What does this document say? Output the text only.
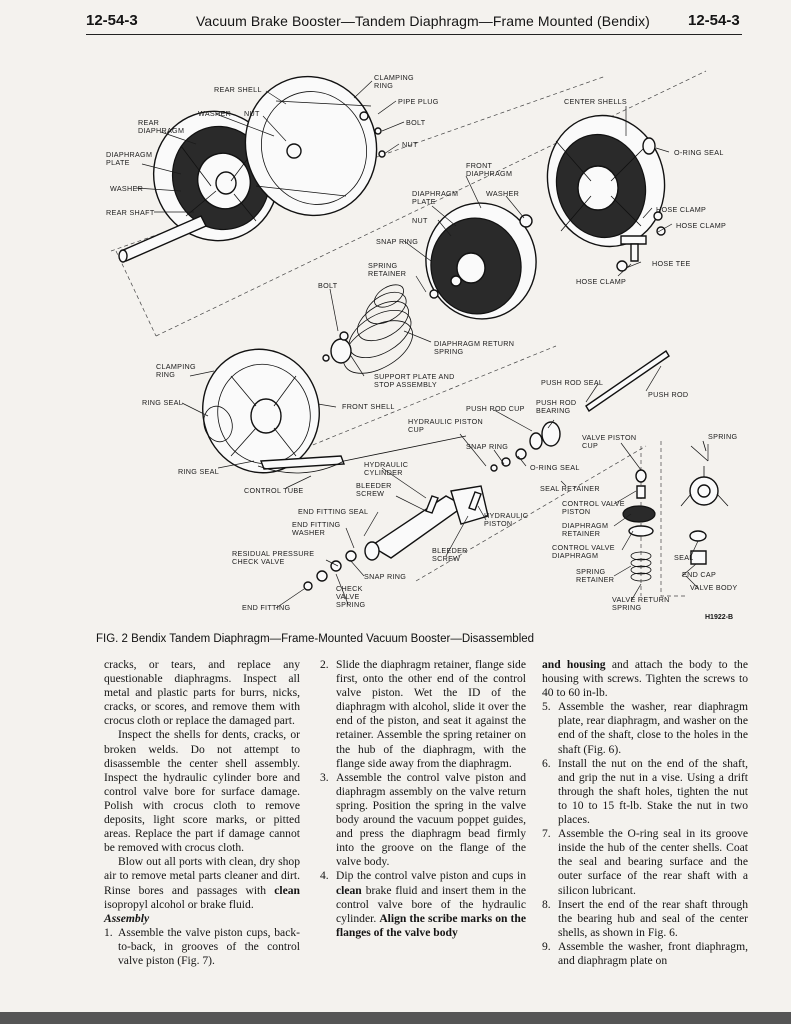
12-54-3	Vacuum Brake Booster—Tandem Diaphragm—Frame Mounted (Bendix)	12-54-3
CLAMPING RING
REAR SHELL
PIPE PLUG
WASHER NUT
BOLT
REAR DIAPHRAGM
NUT
DIAPHRAGM PLATE
WASHER
REAR SHAFT
CENTER SHELLS
O-RING SEAL
FRONT DIAPHRAGM
DIAPHRAGM PLATE
WASHER
NUT
SNAP RING
HOSE CLAMP
HOSE CLAMP
HOSE TEE
HOSE CLAMP
SPRING RETAINER
BOLT
DIAPHRAGM RETURN SPRING
CLAMPING RING	SUPPORT PLATE AND STOP ASSEMBLY	PUSH ROD SEAL
PUSH ROD
RING SEAL	FRONT SHELL	PUSH ROD CUP
PUSH ROD BEARING
HYDRAULIC PISTON CUP
VALVE PISTON CUP
SPRING
SNAP RING
O-RING SEAL
RING SEAL
HYDRAULIC CYLINDER
CONTROL TUBE
BLEEDER SCREW
SEAL RETAINER
CONTROL VALVE PISTON
END FITTING SEAL	HYDRAULIC PISTON	DIAPHRAGM RETAINER
END FITTING WASHER
CONTROL VALVE DIAPHRAGM	SEAL
RESIDUAL PRESSURE CHECK VALVE
BLEEDER SCREW
SPRING RETAINER
END CAP
SNAP RING
VALVE BODY
END FITTING
CHECK VALVE SPRING
VALVE RETURN SPRING
H1922-B
FIG. 2 Bendix Tandem Diaphragm—Frame-Mounted Vacuum Booster—Disassembled

cracks, or tears, and replace any questionable diaphragms. Inspect all metal and plastic parts for burrs, nicks, cracks, or scores, and remove them with crocus cloth or replace the damaged part.

Inspect the shells for dents, cracks, or broken welds. Do not attempt to disassemble the center shell assembly. Inspect the hydraulic cylinder bore and control valve bore for surface damage. Polish with crocus cloth to remove deposits, light score marks, or pitted areas. Replace the part if damage cannot be removed with crocus cloth.

Blow out all ports with clean, dry shop air to remove metal parts cleaner and dirt. Rinse bores and passages with clean isopropyl alcohol or brake fluid.

Assembly

1. Assemble the valve piston cups, back-to-back, in grooves of the control valve piston (Fig. 7).
2. Slide the diaphragm retainer, flange side first, onto the other end of the control valve piston. Wet the ID of the diaphragm with alcohol, slide it over the end of the piston, and seat it against the retainer. Assemble the spring retainer on the hub of the diaphragm, with the flange side away from the diaphragm.
3. Assemble the control valve piston and diaphragm assembly on the valve return spring. Position the spring in the valve body around the vacuum poppet guides, and press the diaphragm bead firmly into the groove on the flange of the valve body.
4. Dip the control valve piston and cups in clean brake fluid and insert them in the control valve bore of the hydraulic cylinder. Align the scribe marks on the flanges of the valve body

and housing and attach the body to the housing with screws. Tighten the screws to 40 to 60 in-lb.

5. Assemble the washer, rear diaphragm plate, rear diaphragm, and washer on the end of the shaft, close to the holes in the shaft (Fig. 6).
6. Install the nut on the end of the shaft, and grip the nut in a vise. Using a drift through the shaft holes, tighten the nut to 10 to 15 ft-lb. Stake the nut in two places.
7. Assemble the O-ring seal in its groove inside the hub of the center shells. Coat the seal and bearing surface and the outer surface of the rear shaft with a silicon lubricant.
8. Insert the end of the rear shaft through the bearing hub and seal of the center shells, as shown in Fig. 6.
9. Assemble the washer, front diaphragm, and diaphragm plate on
